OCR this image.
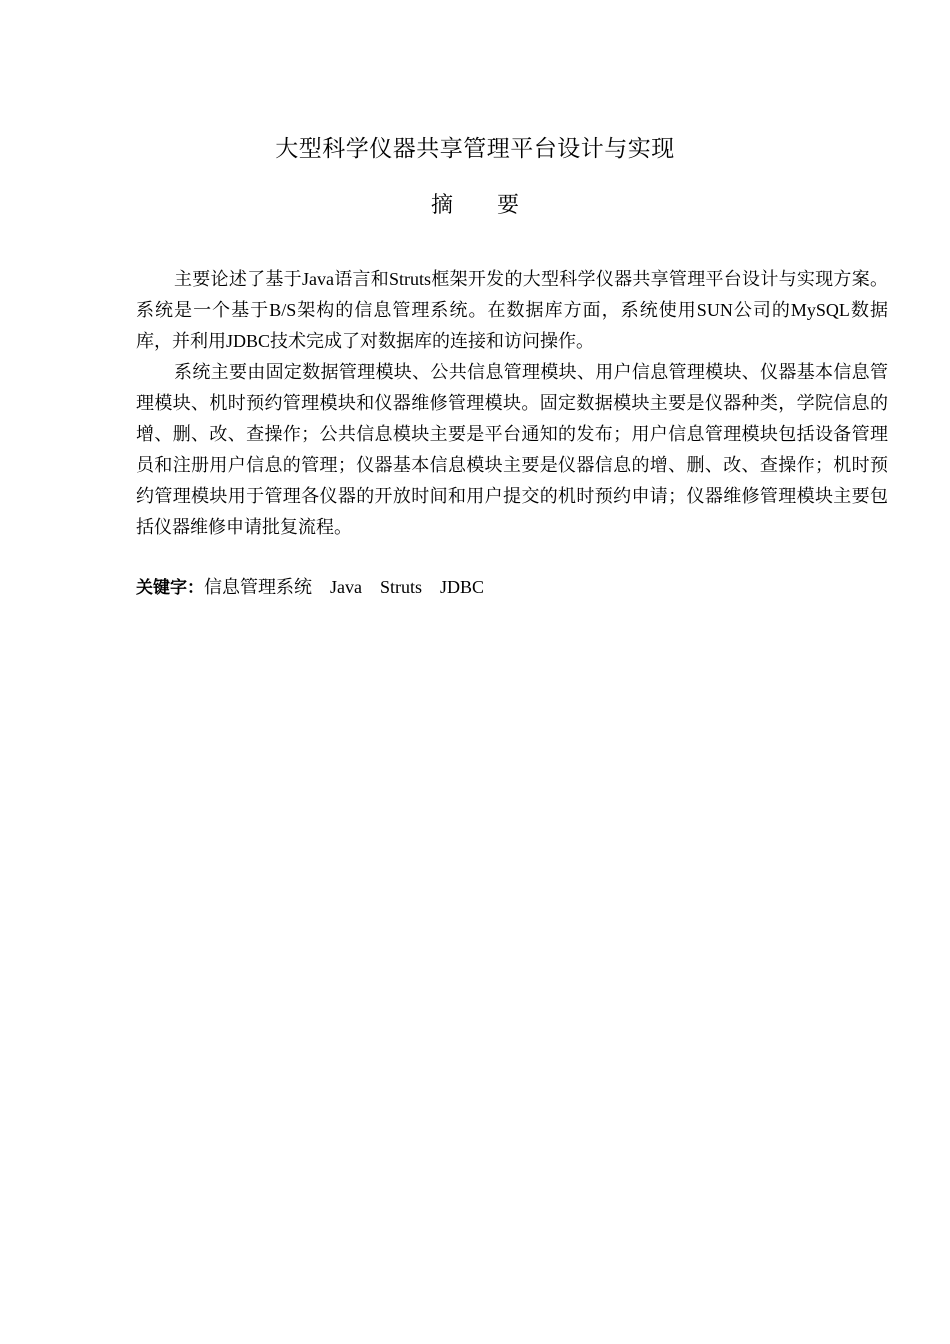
大型科学仪器共享管理平台设计与实现
摘 要

主要论述了基于Java语言和Struts框架开发的大型科学仪器共享管理平台设计与实现方案。系统是一个基于B/S架构的信息管理系统。在数据库方面，系统使用SUN公司的MySQL数据库，并利用JDBC技术完成了对数据库的连接和访问操作。

系统主要由固定数据管理模块、公共信息管理模块、用户信息管理模块、仪器基本信息管理模块、机时预约管理模块和仪器维修管理模块。固定数据模块主要是仪器种类，学院信息的增、删、改、查操作；公共信息模块主要是平台通知的发布；用户信息管理模块包括设备管理员和注册用户信息的管理；仪器基本信息模块主要是仪器信息的增、删、改、查操作；机时预约管理模块用于管理各仪器的开放时间和用户提交的机时预约申请；仪器维修管理模块主要包括仪器维修申请批复流程。

关键字：信息管理系统 Java Struts JDBC
